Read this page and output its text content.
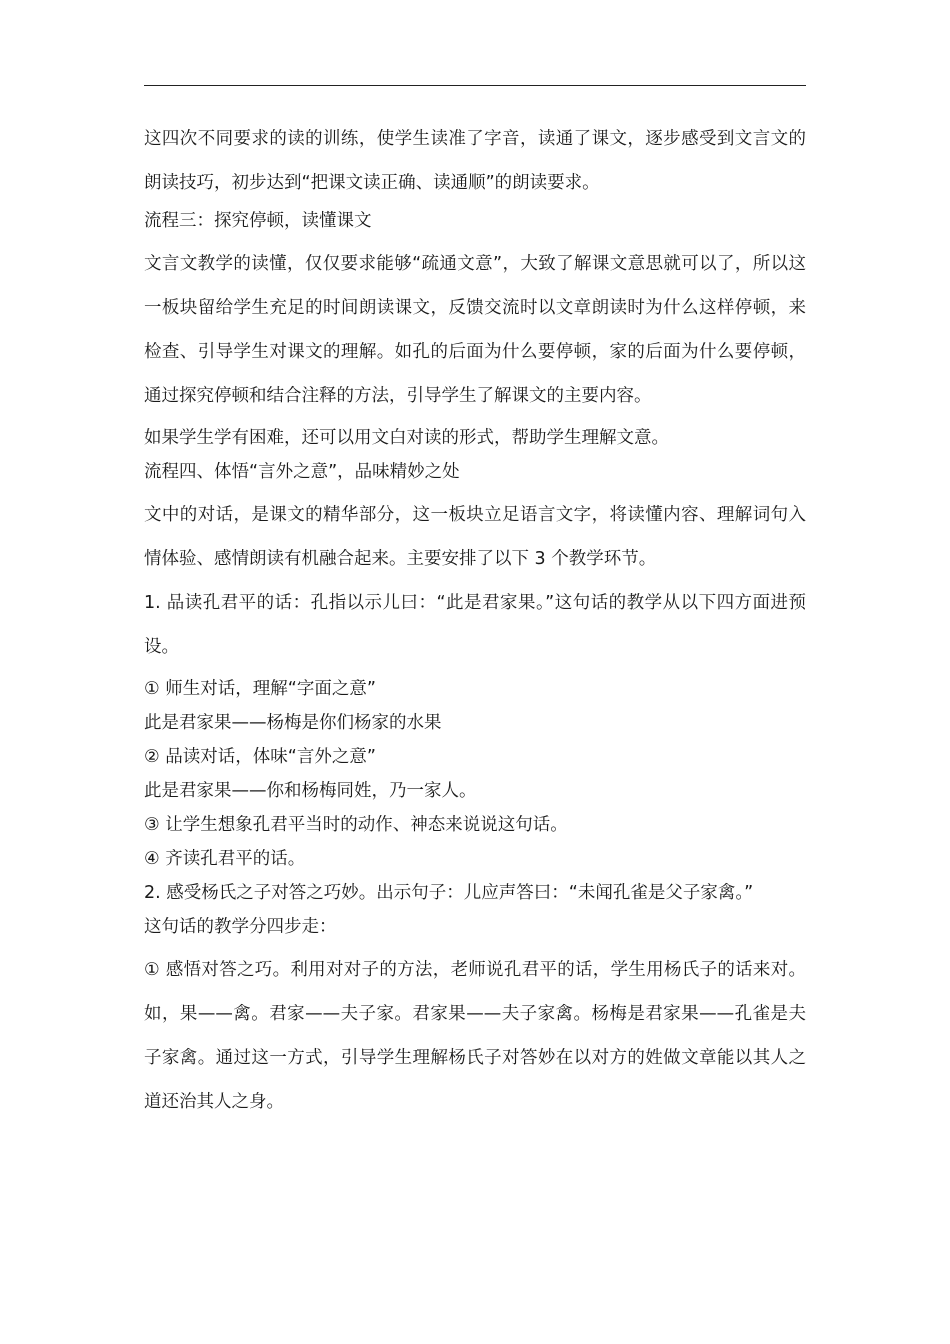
这四次不同要求的读的训练，使学生读准了字音，读通了课文，逐步感受到文言文的朗读技巧，初步达到“把课文读正确、读通顺”的朗读要求。

流程三：探究停顿，读懂课文

文言文教学的读懂，仅仅要求能够“疏通文意”，大致了解课文意思就可以了，所以这一板块留给学生充足的时间朗读课文，反馈交流时以文章朗读时为什么这样停顿，来检查、引导学生对课文的理解。如孔的后面为什么要停顿，家的后面为什么要停顿，通过探究停顿和结合注释的方法，引导学生了解课文的主要内容。

如果学生学有困难，还可以用文白对读的形式，帮助学生理解文意。

流程四、体悟“言外之意”，品味精妙之处

文中的对话，是课文的精华部分，这一板块立足语言文字，将读懂内容、理解词句入情体验、感情朗读有机融合起来。主要安排了以下 3 个教学环节。

1. 品读孔君平的话：孔指以示儿曰：“此是君家果。”这句话的教学从以下四方面进预设。

① 师生对话，理解“字面之意”

此是君家果——杨梅是你们杨家的水果

② 品读对话，体味“言外之意”

此是君家果——你和杨梅同姓，乃一家人。

③ 让学生想象孔君平当时的动作、神态来说说这句话。

④ 齐读孔君平的话。

2. 感受杨氏之子对答之巧妙。出示句子：儿应声答曰：“未闻孔雀是父子家禽。”

这句话的教学分四步走：

① 感悟对答之巧。利用对对子的方法，老师说孔君平的话，学生用杨氏子的话来对。如，果——禽。君家——夫子家。君家果——夫子家禽。杨梅是君家果——孔雀是夫子家禽。通过这一方式，引导学生理解杨氏子对答妙在以对方的姓做文章能以其人之道还治其人之身。
